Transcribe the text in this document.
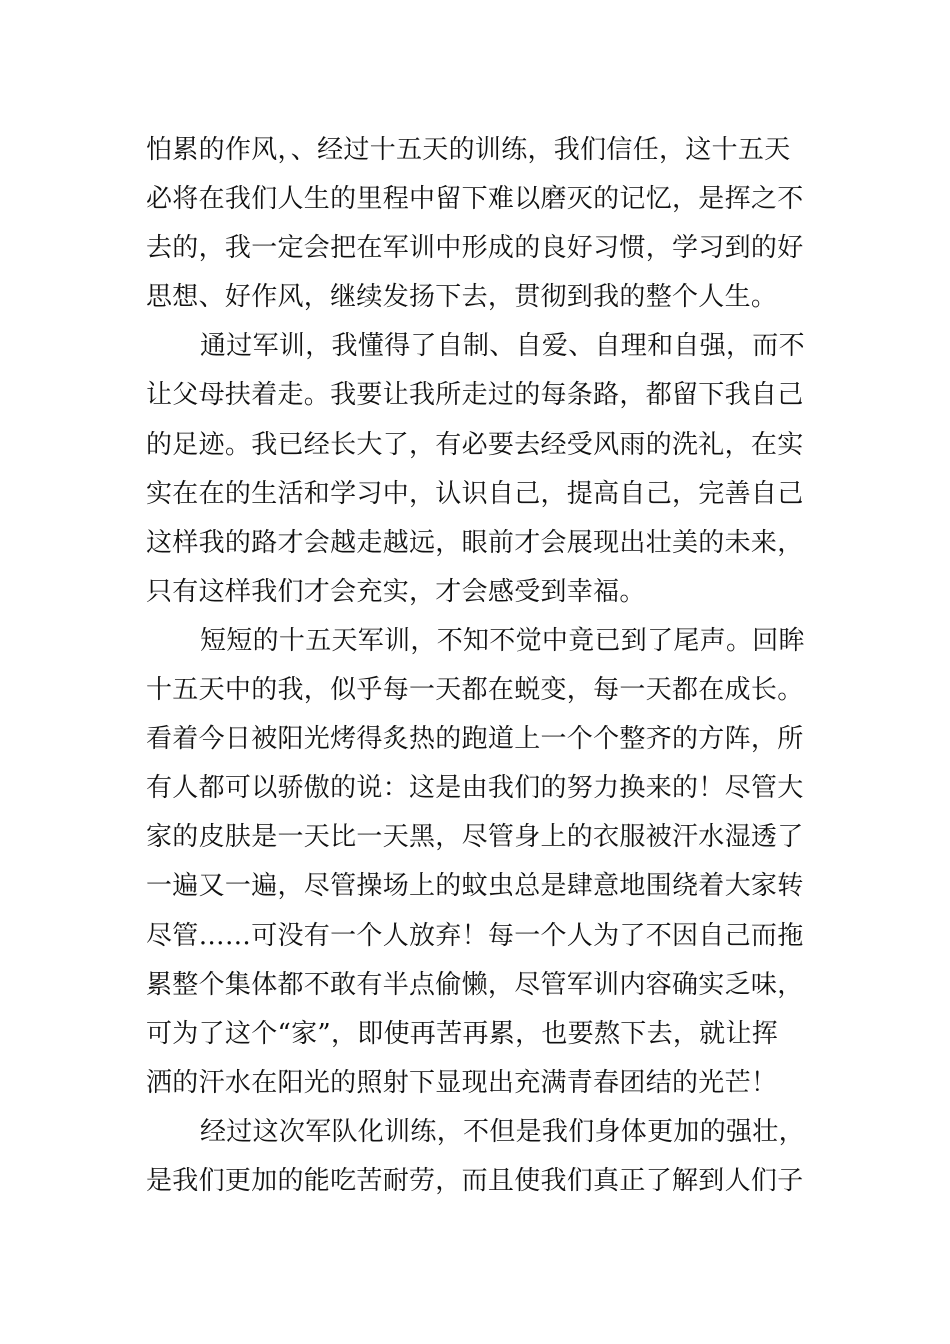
怕累的作风，、经过十五天的训练，我们信任，这十五天
必将在我们人生的里程中留下难以磨灭的记忆，是挥之不
去的，我一定会把在军训中形成的良好习惯，学习到的好
思想、好作风，继续发扬下去，贯彻到我的整个人生。
通过军训，我懂得了自制、自爱、自理和自强，而不
让父母扶着走。我要让我所走过的每条路，都留下我自己
的足迹。我已经长大了，有必要去经受风雨的洗礼，在实
实在在的生活和学习中，认识自己，提高自己，完善自己
这样我的路才会越走越远，眼前才会展现出壮美的未来，
只有这样我们才会充实，才会感受到幸福。
短短的十五天军训，不知不觉中竟已到了尾声。回眸
十五天中的我，似乎每一天都在蜕变，每一天都在成长。
看着今日被阳光烤得炙热的跑道上一个个整齐的方阵，所
有人都可以骄傲的说：这是由我们的努力换来的！尽管大
家的皮肤是一天比一天黑，尽管身上的衣服被汗水湿透了
一遍又一遍，尽管操场上的蚊虫总是肆意地围绕着大家转
尽管……可没有一个人放弃！每一个人为了不因自己而拖
累整个集体都不敢有半点偷懒，尽管军训内容确实乏味，
可为了这个“家”，即使再苦再累，也要熬下去，就让挥
洒的汗水在阳光的照射下显现出充满青春团结的光芒！
经过这次军队化训练，不但是我们身体更加的强壮，
是我们更加的能吃苦耐劳，而且使我们真正了解到人们子
